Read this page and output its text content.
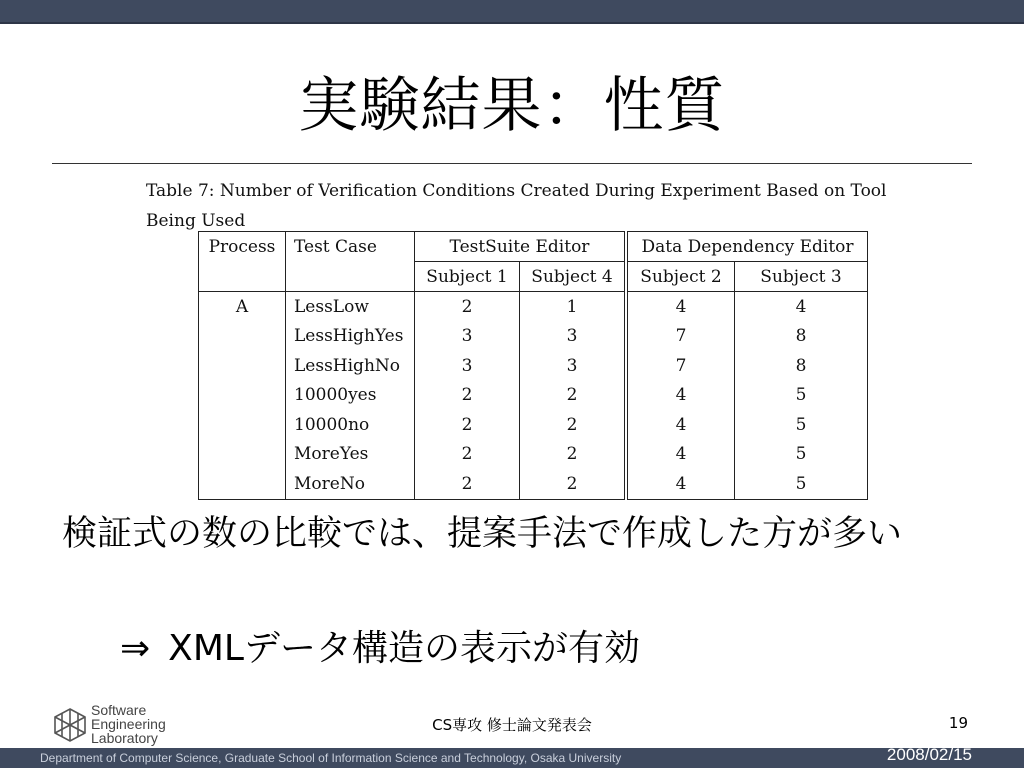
実験結果：性質
Table 7: Number of Verification Conditions Created During Experiment Based on Tool Being Used
Process	Test Case	TestSuite Editor		Data Dependency Editor	
		Subject 1	Subject 4	Subject 2	Subject 3
A	LessLow	2	1	4	4
	LessHighYes	3	3	7	8
	LessHighNo	3	3	7	8
	10000yes	2	2	4	5
	10000no	2	2	4	5
	MoreYes	2	2	4	5
	MoreNo	2	2	4	5
検証式の数の比較では、提案手法で作成した方が多い
⇒ XMLデータ構造の表示が有効
Software
Engineering
Laboratory
CS専攻 修士論文発表会	19
Department of Computer Science, Graduate School of Information Science and Technology, Osaka University	2008/02/15
